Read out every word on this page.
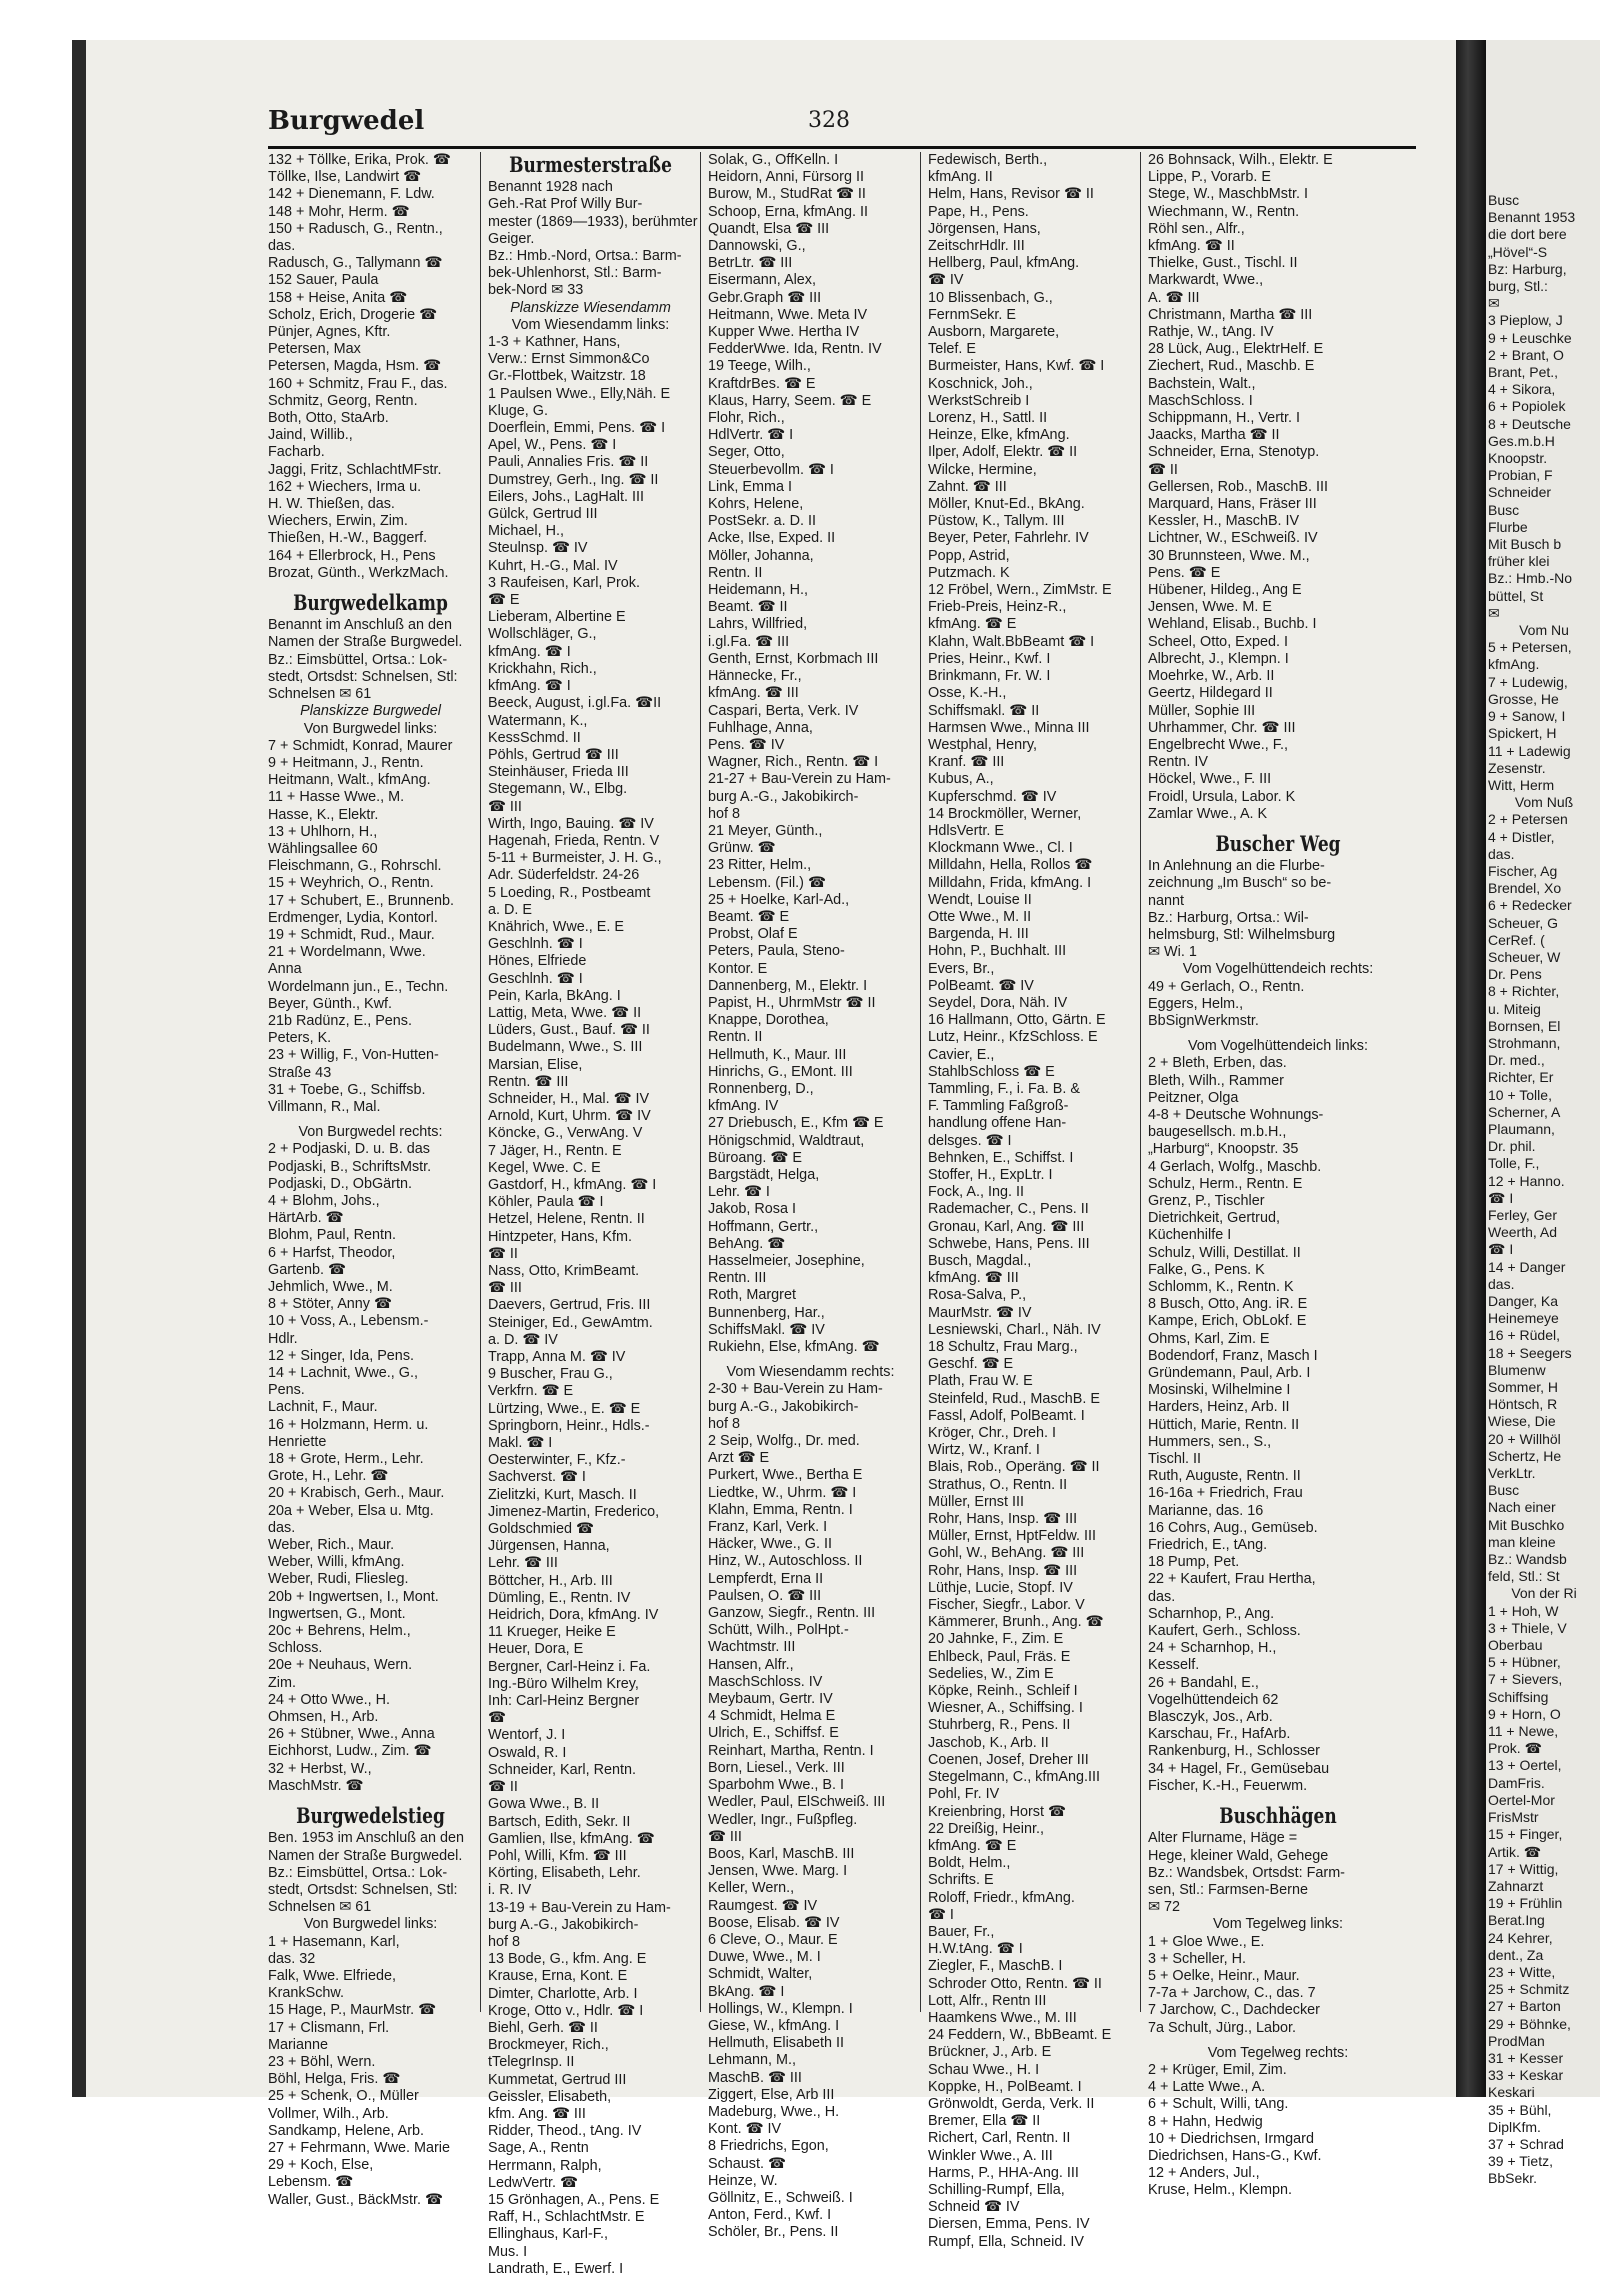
Busc
Benannt 1953
die dort bere
„Hövel“-S
Bz: Harburg,
burg, Stl.:
✉
3 Pieplow, J
9 + Leuschke
2 + Brant, O
Brant, Pet.,
4 + Sikora,
6 + Popiolek
8 + Deutsche
Ges.m.b.H
Knoopstr.
Probian, F
Schneider
Busc
Flurbe
Mit Busch b
früher klei
Bz.: Hmb.-No
büttel, St
✉
Vom Nu
5 + Petersen,
kfmAng.
7 + Ludewig,
Grosse, He
9 + Sanow, I
Spickert, H
11 + Ladewig
Zesenstr.
Witt, Herm
Vom Nuß
2 + Petersen
4 + Distler,
das.
Fischer, Ag
Brendel, Xo
6 + Redecker
Scheuer, G
CerRef. (
Scheuer, W
Dr. Pens
8 + Richter,
u. Miteig
Bornsen, El
Strohmann,
Dr. med.,
Richter, Er
10 + Tolle,
Scherner, A
Plaumann,
Dr. phil.
Tolle, F.,
12 + Hanno.
☎ I
Ferley, Ger
Weerth, Ad
☎ I
14 + Danger
das.
Danger, Ka
Heinemeye
16 + Rüdel,
18 + Seegers
Blumenw
Sommer, H
Höntsch, R
Wiese, Die
20 + Willhöl
Schertz, He
VerkLtr.
Busc
Nach einer
Mit Buschko
man kleine
Bz.: Wandsb
feld, Stl.: St
Von der Ri
1 + Hoh, W
3 + Thiele, V
Oberbau
5 + Hübner,
7 + Sievers,
Schiffsing
9 + Horn, O
11 + Newe,
Prok. ☎
13 + Oertel,
DamFris.
Oertel-Mor
FrisMstr
15 + Finger,
Artik. ☎
17 + Wittig,
Zahnarzt
19 + Frühlin
Berat.Ing
24 Kehrer,
dent., Za
23 + Witte,
25 + Schmitz
27 + Barton
29 + Böhnke,
ProdMan
31 + Kesser
33 + Keskar
Keskari
35 + Bühl,
DiplKfm.
37 + Schrad
39 + Tietz,
BbSekr.
Burgwedel	328
132 + Töllke, Erika, Prok. ☎
Töllke, Ilse, Landwirt ☎
142 + Dienemann, F. Ldw.
148 + Mohr, Herm. ☎
150 + Radusch, G., Rentn.,
das.
Radusch, G., Tallymann ☎
152 Sauer, Paula
158 + Heise, Anita ☎
Scholz, Erich, Drogerie ☎
Pünjer, Agnes, Kftr.
Petersen, Max
Petersen, Magda, Hsm. ☎
160 + Schmitz, Frau F., das.
Schmitz, Georg, Rentn.
Both, Otto, StaArb.
Jaind, Willib.,
Facharb.
Jaggi, Fritz, SchlachtMFstr.
162 + Wiechers, Irma u.
H. W. Thießen, das.
Wiechers, Erwin, Zim.
Thießen, H.-W., Baggerf.
164 + Ellerbrock, H., Pens
Brozat, Günth., WerkzMach.
Burgwedelkamp
Benannt im Anschluß an den
Namen der Straße Burgwedel.
Bz.: Eimsbüttel, Ortsa.: Lok-
stedt, Ortsdst: Schnelsen, Stl:
Schnelsen ✉ 61
Planskizze Burgwedel
Von Burgwedel links:
7 + Schmidt, Konrad, Maurer
9 + Heitmann, J., Rentn.
Heitmann, Walt., kfmAng.
11 + Hasse Wwe., M.
Hasse, K., Elektr.
13 + Uhlhorn, H.,
Wählingsallee 60
Fleischmann, G., Rohrschl.
15 + Weyhrich, O., Rentn.
17 + Schubert, E., Brunnenb.
Erdmenger, Lydia, Kontorl.
19 + Schmidt, Rud., Maur.
21 + Wordelmann, Wwe.
Anna
Wordelmann jun., E., Techn.
Beyer, Günth., Kwf.
21b Radünz, E., Pens.
Peters, K.
23 + Willig, F., Von-Hutten-
Straße 43
31 + Toebe, G., Schiffsb.
Villmann, R., Mal.
Von Burgwedel rechts:
2 + Podjaski, D. u. B. das
Podjaski, B., SchriftsMstr.
Podjaski, D., ObGärtn.
4 + Blohm, Johs.,
HärtArb. ☎
Blohm, Paul, Rentn.
6 + Harfst, Theodor,
Gartenb. ☎
Jehmlich, Wwe., M.
8 + Stöter, Anny ☎
10 + Voss, A., Lebensm.-
Hdlr.
12 + Singer, Ida, Pens.
14 + Lachnit, Wwe., G.,
Pens.
Lachnit, F., Maur.
16 + Holzmann, Herm. u.
Henriette
18 + Grote, Herm., Lehr.
Grote, H., Lehr. ☎
20 + Krabisch, Gerh., Maur.
20a + Weber, Elsa u. Mtg.
das.
Weber, Rich., Maur.
Weber, Willi, kfmAng.
Weber, Rudi, Fliesleg.
20b + Ingwertsen, I., Mont.
Ingwertsen, G., Mont.
20c + Behrens, Helm.,
Schloss.
20e + Neuhaus, Wern.
Zim.
24 + Otto Wwe., H.
Ohmsen, H., Arb.
26 + Stübner, Wwe., Anna
Eichhorst, Ludw., Zim. ☎
32 + Herbst, W.,
MaschMstr. ☎
Burgwedelstieg
Ben. 1953 im Anschluß an den
Namen der Straße Burgwedel.
Bz.: Eimsbüttel, Ortsa.: Lok-
stedt, Ortsdst: Schnelsen, Stl:
Schnelsen ✉ 61
Von Burgwedel links:
1 + Hasemann, Karl,
das. 32
Falk, Wwe. Elfriede,
KrankSchw.
15 Hage, P., MaurMstr. ☎
17 + Clismann, Frl.
Marianne
23 + Böhl, Wern.
Böhl, Helga, Fris. ☎
25 + Schenk, O., Müller
Vollmer, Wilh., Arb.
Sandkamp, Helene, Arb.
27 + Fehrmann, Wwe. Marie
29 + Koch, Else,
Lebensm. ☎
Waller, Gust., BäckMstr. ☎
Burmesterstraße
Benannt 1928 nach
Geh.-Rat Prof Willy Bur-
mester (1869—1933), berühmter
Geiger.
Bz.: Hmb.-Nord, Ortsa.: Barm-
bek-Uhlenhorst, Stl.: Barm-
bek-Nord ✉ 33
Planskizze Wiesendamm
Vom Wiesendamm links:
1-3 + Kathner, Hans,
Verw.: Ernst Simmon&Co
Gr.-Flottbek, Waitzstr. 18
1 Paulsen Wwe., Elly,Näh. E
Kluge, G.
Doerflein, Emmi, Pens. ☎ I
Apel, W., Pens. ☎ I
Pauli, Annalies Fris. ☎ II
Dumstrey, Gerh., Ing. ☎ II
Eilers, Johs., LagHalt. III
Gülck, Gertrud III
Michael, H.,
Steulnsp. ☎ IV
Kuhrt, H.-G., Mal. IV
3 Raufeisen, Karl, Prok.
☎ E
Lieberam, Albertine E
Wollschläger, G.,
kfmAng. ☎ I
Krickhahn, Rich.,
kfmAng. ☎ I
Beeck, August, i.gl.Fa. ☎II
Watermann, K.,
KessSchmd. II
Pöhls, Gertrud ☎ III
Steinhäuser, Frieda III
Stegemann, W., Elbg.
☎ III
Wirth, Ingo, Bauing. ☎ IV
Hagenah, Frieda, Rentn. V
5-11 + Burmeister, J. H. G.,
Adr. Süderfeldstr. 24-26
5 Loeding, R., Postbeamt
a. D. E
Knährich, Wwe., E. E
Geschlnh. ☎ I
Hönes, Elfriede
Geschlnh. ☎ I
Pein, Karla, BkAng. I
Lattig, Meta, Wwe. ☎ II
Lüders, Gust., Bauf. ☎ II
Budelmann, Wwe., S. III
Marsian, Elise,
Rentn. ☎ III
Schneider, H., Mal. ☎ IV
Arnold, Kurt, Uhrm. ☎ IV
Köncke, G., VerwAng. V
7 Jäger, H., Rentn. E
Kegel, Wwe. C. E
Gastdorf, H., kfmAng. ☎ I
Köhler, Paula ☎ I
Hetzel, Helene, Rentn. II
Hintzpeter, Hans, Kfm.
☎ II
Nass, Otto, KrimBeamt.
☎ III
Daevers, Gertrud, Fris. III
Steiniger, Ed., GewAmtm.
a. D. ☎ IV
Trapp, Anna M. ☎ IV
9 Buscher, Frau G.,
Verkfrn. ☎ E
Lürtzing, Wwe., E. ☎ E
Springborn, Heinr., Hdls.-
Makl. ☎ I
Oesterwinter, F., Kfz.-
Sachverst. ☎ I
Zielitzki, Kurt, Masch. II
Jimenez-Martin, Frederico,
Goldschmied ☎
Jürgensen, Hanna,
Lehr. ☎ III
Böttcher, H., Arb. III
Dümling, E., Rentn. IV
Heidrich, Dora, kfmAng. IV
11 Krueger, Heike E
Heuer, Dora, E
Bergner, Carl-Heinz i. Fa.
Ing.-Büro Wilhelm Krey,
Inh: Carl-Heinz Bergner
☎
Wentorf, J. I
Oswald, R. I
Schneider, Karl, Rentn.
☎ II
Gowa Wwe., B. II
Bartsch, Edith, Sekr. II
Gamlien, Ilse, kfmAng. ☎
Pohl, Willi, Kfm. ☎ III
Körting, Elisabeth, Lehr.
i. R. IV
13-19 + Bau-Verein zu Ham-
burg A.-G., Jakobikirch-
hof 8
13 Bode, G., kfm. Ang. E
Krause, Erna, Kont. E
Dimter, Charlotte, Arb. I
Kroge, Otto v., Hdlr. ☎ I
Biehl, Gerh. ☎ II
Brockmeyer, Rich.,
tTelegrInsp. II
Kummetat, Gertrud III
Geissler, Elisabeth,
kfm. Ang. ☎ III
Ridder, Theod., tAng. IV
Sage, A., Rentn
Herrmann, Ralph,
LedwVertr. ☎
15 Grönhagen, A., Pens. E
Raff, H., SchlachtMstr. E
Ellinghaus, Karl-F.,
Mus. I
Landrath, E., Ewerf. I
Solak, G., OffKelln. I
Heidorn, Anni, Fürsorg II
Burow, M., StudRat ☎ II
Schoop, Erna, kfmAng. II
Quandt, Elsa ☎ III
Dannowski, G.,
BetrLtr. ☎ III
Eisermann, Alex,
Gebr.Graph ☎ III
Heitmann, Wwe. Meta IV
Kupper Wwe. Hertha IV
FedderWwe. Ida, Rentn. IV
19 Teege, Wilh.,
KraftdrBes. ☎ E
Klaus, Harry, Seem. ☎ E
Flohr, Rich.,
HdlVertr. ☎ I
Seger, Otto,
Steuerbevollm. ☎ I
Link, Emma I
Kohrs, Helene,
PostSekr. a. D. II
Acke, Ilse, Exped. II
Möller, Johanna,
Rentn. II
Heidemann, H.,
Beamt. ☎ II
Lahrs, Willfried,
i.gl.Fa. ☎ III
Genth, Ernst, Korbmach III
Hännecke, Fr.,
kfmAng. ☎ III
Caspari, Berta, Verk. IV
Fuhlhage, Anna,
Pens. ☎ IV
Wagner, Rich., Rentn. ☎ I
21-27 + Bau-Verein zu Ham-
burg A.-G., Jakobikirch-
hof 8
21 Meyer, Günth.,
Grünw. ☎
23 Ritter, Helm.,
Lebensm. (Fil.) ☎
25 + Hoelke, Karl-Ad.,
Beamt. ☎ E
Probst, Olaf E
Peters, Paula, Steno-
Kontor. E
Dannenberg, M., Elektr. I
Papist, H., UhrmMstr ☎ II
Knappe, Dorothea,
Rentn. II
Hellmuth, K., Maur. III
Hinrichs, G., EMont. III
Ronnenberg, D.,
kfmAng. IV
27 Driebusch, E., Kfm ☎ E
Hönigschmid, Waldtraut,
Büroang. ☎ E
Bargstädt, Helga,
Lehr. ☎ I
Jakob, Rosa I
Hoffmann, Gertr.,
BehAng. ☎
Hasselmeier, Josephine,
Rentn. III
Roth, Margret
Bunnenberg, Har.,
SchiffsMakl. ☎ IV
Rukiehn, Else, kfmAng. ☎
Vom Wiesendamm rechts:
2-30 + Bau-Verein zu Ham-
burg A.-G., Jakobikirch-
hof 8
2 Seip, Wolfg., Dr. med.
Arzt ☎ E
Purkert, Wwe., Bertha E
Liedtke, W., Uhrm. ☎ I
Klahn, Emma, Rentn. I
Franz, Karl, Verk. I
Häcker, Wwe., G. II
Hinz, W., Autoschloss. II
Lempferdt, Erna II
Paulsen, O. ☎ III
Ganzow, Siegfr., Rentn. III
Schütt, Wilh., PolHpt.-
Wachtmstr. III
Hansen, Alfr.,
MaschSchloss. IV
Meybaum, Gertr. IV
4 Schmidt, Helma E
Ulrich, E., Schiffsf. E
Reinhart, Martha, Rentn. I
Born, Liesel., Verk. III
Sparbohm Wwe., B. I
Wedler, Paul, ElSchweiß. III
Wedler, Ingr., Fußpfleg.
☎ III
Boos, Karl, MaschB. III
Jensen, Wwe. Marg. I
Keller, Wern.,
Raumgest. ☎ IV
Boose, Elisab. ☎ IV
6 Cleve, O., Maur. E
Duwe, Wwe., M. I
Schmidt, Walter,
BkAng. ☎ I
Hollings, W., Klempn. I
Giese, W., kfmAng. I
Hellmuth, Elisabeth II
Lehmann, M.,
MaschB. ☎ III
Ziggert, Else, Arb III
Madeburg, Wwe., H.
Kont. ☎ IV
8 Friedrichs, Egon,
Schaust. ☎
Heinze, W.
Göllnitz, E., Schweiß. I
Anton, Ferd., Kwf. I
Schöler, Br., Pens. II
Fedewisch, Berth.,
kfmAng. II
Helm, Hans, Revisor ☎ II
Pape, H., Pens.
Jörgensen, Hans,
ZeitschrHdlr. III
Hellberg, Paul, kfmAng.
☎ IV
10 Blissenbach, G.,
FernmSekr. E
Ausborn, Margarete,
Telef. E
Burmeister, Hans, Kwf. ☎ I
Koschnick, Joh.,
WerkstSchreib I
Lorenz, H., Sattl. II
Heinze, Elke, kfmAng.
Ilper, Adolf, Elektr. ☎ II
Wilcke, Hermine,
Zahnt. ☎ III
Möller, Knut-Ed., BkAng.
Püstow, K., Tallym. III
Beyer, Peter, Fahrlehr. IV
Popp, Astrid,
Putzmach. K
12 Fröbel, Wern., ZimMstr. E
Frieb-Preis, Heinz-R.,
kfmAng. ☎ E
Klahn, Walt.BbBeamt ☎ I
Pries, Heinr., Kwf. I
Brinkmann, Fr. W. I
Osse, K.-H.,
Schiffsmakl. ☎ II
Harmsen Wwe., Minna III
Westphal, Henry,
Kranf. ☎ III
Kubus, A.,
Kupferschmd. ☎ IV
14 Brockmöller, Werner,
HdlsVertr. E
Klockmann Wwe., Cl. I
Milldahn, Hella, Rollos ☎
Milldahn, Frida, kfmAng. I
Wendt, Louise II
Otte Wwe., M. II
Bargenda, H. III
Hohn, P., Buchhalt. III
Evers, Br.,
PolBeamt. ☎ IV
Seydel, Dora, Näh. IV
16 Hallmann, Otto, Gärtn. E
Lutz, Heinr., KfzSchloss. E
Cavier, E.,
StahlbSchloss ☎ E
Tammling, F., i. Fa. B. &
F. Tammling Faßgroß-
handlung offene Han-
delsges. ☎ I
Behnken, E., Schiffst. I
Stoffer, H., ExpLtr. I
Fock, A., Ing. II
Rademacher, C., Pens. II
Gronau, Karl, Ang. ☎ III
Schwebe, Hans, Pens. III
Busch, Magdal.,
kfmAng. ☎ III
Rosa-Salva, P.,
MaurMstr. ☎ IV
Lesniewski, Charl., Näh. IV
18 Schultz, Frau Marg.,
Geschf. ☎ E
Plath, Frau W. E
Steinfeld, Rud., MaschB. E
Fassl, Adolf, PolBeamt. I
Kröger, Chr., Dreh. I
Wirtz, W., Kranf. I
Blais, Rob., Operäng. ☎ II
Strathus, O., Rentn. II
Müller, Ernst III
Rohr, Hans, Insp. ☎ III
Müller, Ernst, HptFeldw. III
Gohl, W., BehAng. ☎ III
Rohr, Hans, Insp. ☎ III
Lüthje, Lucie, Stopf. IV
Fischer, Siegfr., Labor. V
Kämmerer, Brunh., Ang. ☎
20 Jahnke, F., Zim. E
Ehlbeck, Paul, Fräs. E
Sedelies, W., Zim E
Köpke, Reinh., Schleif I
Wiesner, A., Schiffsing. I
Stuhrberg, R., Pens. II
Jaschob, K., Arb. II
Coenen, Josef, Dreher III
Stegelmann, C., kfmAng.III
Pohl, Fr. IV
Kreienbring, Horst ☎
22 Dreißig, Heinr.,
kfmAng. ☎ E
Boldt, Helm.,
Schrifts. E
Roloff, Friedr., kfmAng.
☎ I
Bauer, Fr.,
H.W.tAng. ☎ I
Ziegler, F., MaschB. I
Schroder Otto, Rentn. ☎ II
Lott, Alfr., Rentn III
Haamkens Wwe., M. III
24 Feddern, W., BbBeamt. E
Brückner, J., Arb. E
Schau Wwe., H. I
Koppke, H., PolBeamt. I
Grönwoldt, Gerda, Verk. II
Bremer, Ella ☎ II
Richert, Carl, Rentn. II
Winkler Wwe., A. III
Harms, P., HHA-Ang. III
Schilling-Rumpf, Ella,
Schneid ☎ IV
Diersen, Emma, Pens. IV
Rumpf, Ella, Schneid. IV
26 Bohnsack, Wilh., Elektr. E
Lippe, P., Vorarb. E
Stege, W., MaschbMstr. I
Wiechmann, W., Rentn.
Röhl sen., Alfr.,
kfmAng. ☎ II
Thielke, Gust., Tischl. II
Markwardt, Wwe.,
A. ☎ III
Christmann, Martha ☎ III
Rathje, W., tAng. IV
28 Lück, Aug., ElektrHelf. E
Ziechert, Rud., Maschb. E
Bachstein, Walt.,
MaschSchloss. I
Schippmann, H., Vertr. I
Jaacks, Martha ☎ II
Schneider, Erna, Stenotyp.
☎ II
Gellersen, Rob., MaschB. III
Marquard, Hans, Fräser III
Kessler, H., MaschB. IV
Lichtner, W., ESchweiß. IV
30 Brunnsteen, Wwe. M.,
Pens. ☎ E
Hübener, Hildeg., Ang E
Jensen, Wwe. M. E
Wehland, Elisab., Buchb. I
Scheel, Otto, Exped. I
Albrecht, J., Klempn. I
Moehrke, W., Arb. II
Geertz, Hildegard II
Müller, Sophie III
Uhrhammer, Chr. ☎ III
Engelbrecht Wwe., F.,
Rentn. IV
Höckel, Wwe., F. III
Froidl, Ursula, Labor. K
Zamlar Wwe., A. K
Buscher Weg
In Anlehnung an die Flurbe-
zeichnung „Im Busch“ so be-
nannt
Bz.: Harburg, Ortsa.: Wil-
helmsburg, Stl: Wilhelmsburg
✉ Wi. 1
Vom Vogelhüttendeich rechts:
49 + Gerlach, O., Rentn.
Eggers, Helm.,
BbSignWerkmstr.
Vom Vogelhüttendeich links:
2 + Bleth, Erben, das.
Bleth, Wilh., Rammer
Peitzner, Olga
4-8 + Deutsche Wohnungs-
baugesellsch. m.b.H.,
„Harburg“, Knoopstr. 35
4 Gerlach, Wolfg., Maschb.
Schulz, Herm., Rentn. E
Grenz, P., Tischler
Dietrichkeit, Gertrud,
Küchenhilfe I
Schulz, Willi, Destillat. II
Falke, G., Pens. K
Schlomm, K., Rentn. K
8 Busch, Otto, Ang. iR. E
Kampe, Erich, ObLokf. E
Ohms, Karl, Zim. E
Bodendorf, Franz, Masch I
Gründemann, Paul, Arb. I
Mosinski, Wilhelmine I
Harders, Heinz, Arb. II
Hüttich, Marie, Rentn. II
Hummers, sen., S.,
Tischl. II
Ruth, Auguste, Rentn. II
16-16a + Friedrich, Frau
Marianne, das. 16
16 Cohrs, Aug., Gemüseb.
Friedrich, E., tAng.
18 Pump, Pet.
22 + Kaufert, Frau Hertha,
das.
Scharnhop, P., Ang.
Kaufert, Gerh., Schloss.
24 + Scharnhop, H.,
Kesself.
26 + Bandahl, E.,
Vogelhüttendeich 62
Blasczyk, Jos., Arb.
Karschau, Fr., HafArb.
Rankenburg, H., Schlosser
34 + Hagel, Fr., Gemüsebau
Fischer, K.-H., Feuerwm.
Buschhägen
Alter Flurname, Häge =
Hege, kleiner Wald, Gehege
Bz.: Wandsbek, Ortsdst: Farm-
sen, Stl.: Farmsen-Berne
✉ 72
Vom Tegelweg links:
1 + Gloe Wwe., E.
3 + Scheller, H.
5 + Oelke, Heinr., Maur.
7-7a + Jarchow, C., das. 7
7 Jarchow, C., Dachdecker
7a Schult, Jürg., Labor.
Vom Tegelweg rechts:
2 + Krüger, Emil, Zim.
4 + Latte Wwe., A.
6 + Schult, Willi, tAng.
8 + Hahn, Hedwig
10 + Diedrichsen, Irmgard
Diedrichsen, Hans-G., Kwf.
12 + Anders, Jul.,
Kruse, Helm., Klempn.
